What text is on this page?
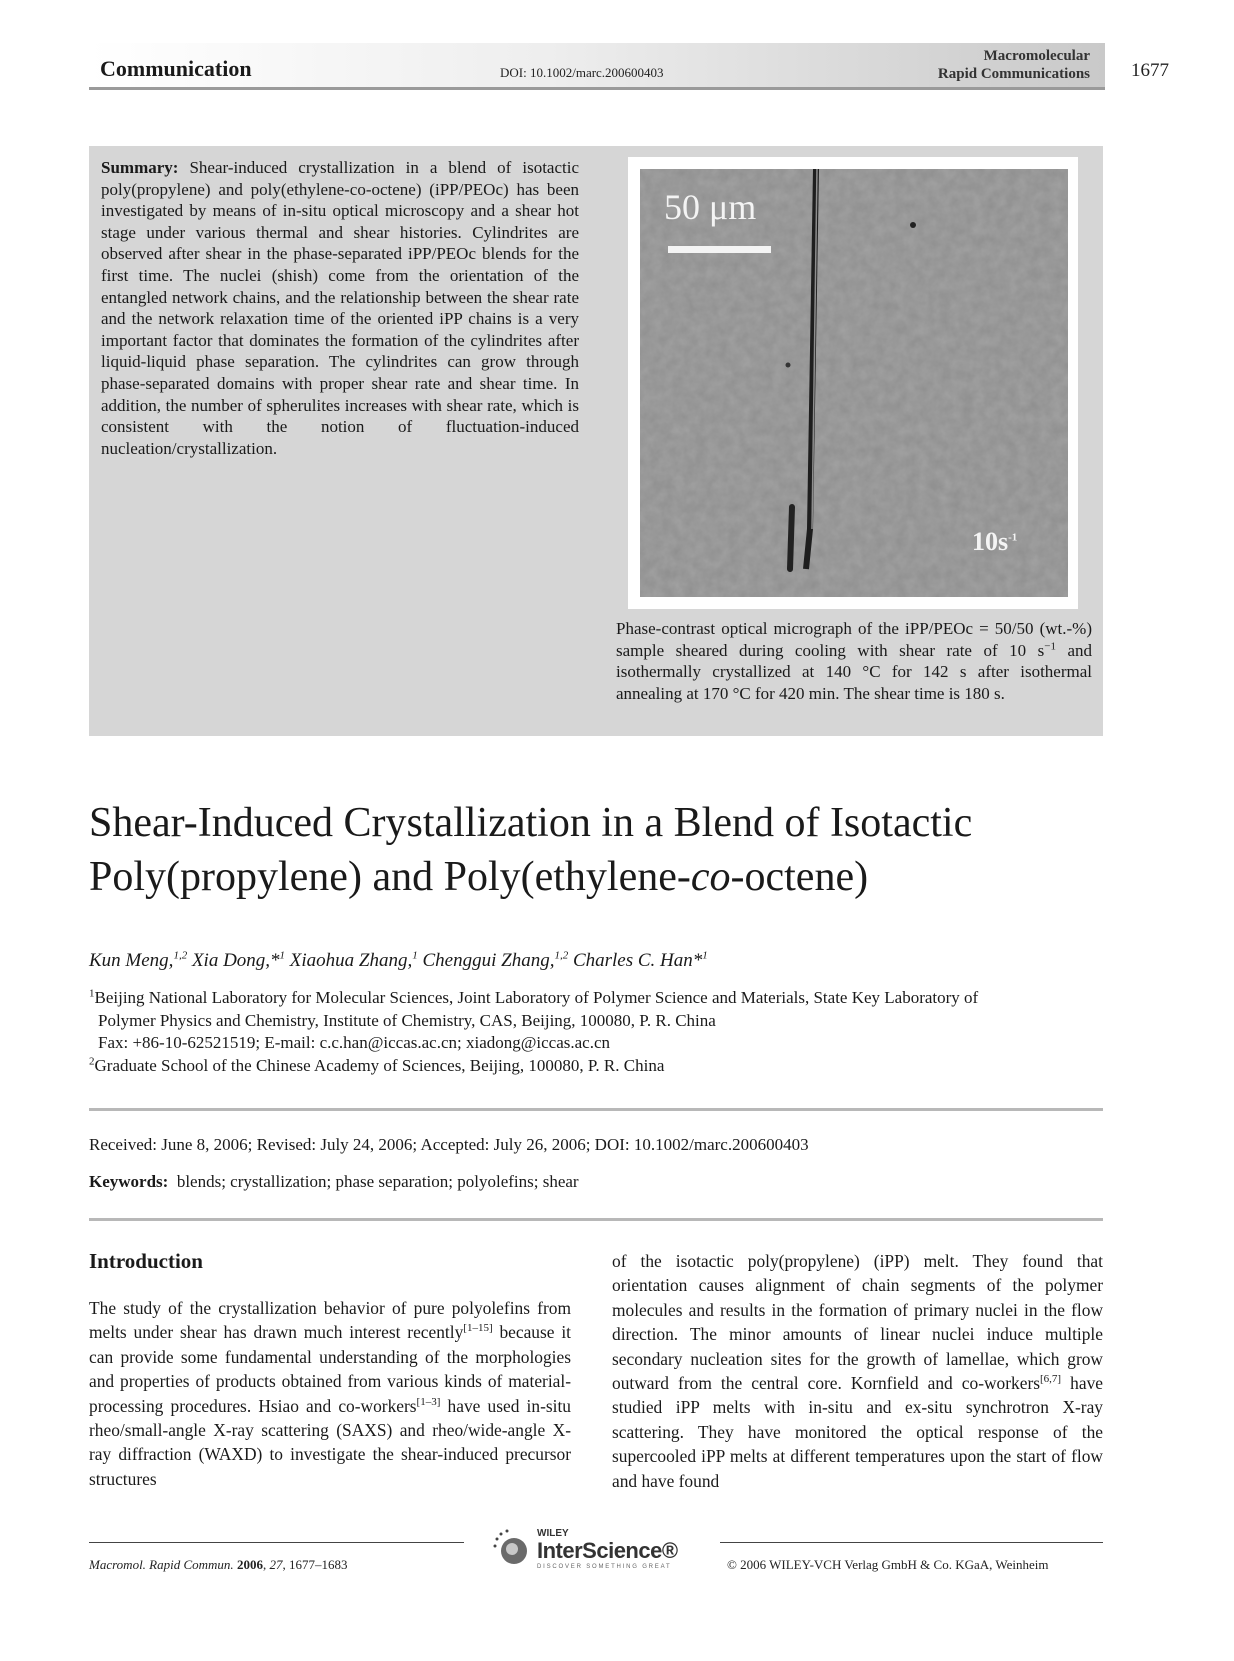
Communication	DOI: 10.1002/marc.200600403
Macromolecular
Rapid Communications 1677
Summary: Shear-induced crystallization in a blend of isotactic poly(propylene) and poly(ethylene-co-octene) (iPP/PEOc) has been investigated by means of in-situ optical microscopy and a shear hot stage under various thermal and shear histories. Cylindrites are observed after shear in the phase-separated iPP/PEOc blends for the first time. The nuclei (shish) come from the orientation of the entangled network chains, and the relationship between the shear rate and the network relaxation time of the oriented iPP chains is a very important factor that dominates the formation of the cylindrites after liquid-liquid phase separation. The cylindrites can grow through phase-separated domains with proper shear rate and shear time. In addition, the number of spherulites increases with shear rate, which is consistent with the notion of fluctuation-induced nucleation/crystallization.
50 μm
$10s^{-1}$
Phase-contrast optical micrograph of the iPP/PEOc = 50/50 (wt.-%) sample sheared during cooling with shear rate of 10 $s^{-1}$ and isothermally crystallized at 140 °C for 142 s after isothermal annealing at 170 °C for 420 min. The shear time is 180 s.
Shear-Induced Crystallization in a Blend of Isotactic
Poly(propylene) and Poly(ethylene-co-octene)
Kun Meng,$^{1,2}$ Xia Dong,*$^1$ Xiaohua Zhang,$^1$ Chenggui Zhang,$^{1,2}$ Charles C. Han*$^1$
$^1$Beijing National Laboratory for Molecular Sciences, Joint Laboratory of Polymer Science and Materials, State Key Laboratory of
Polymer Physics and Chemistry, Institute of Chemistry, CAS, Beijing, 100080, P. R. China
Fax: +86-10-62521519; E-mail: c.c.han@iccas.ac.cn; xiadong@iccas.ac.cn
$^2$Graduate School of the Chinese Academy of Sciences, Beijing, 100080, P. R. China
Received: June 8, 2006; Revised: July 24, 2006; Accepted: July 26, 2006; DOI: 10.1002/marc.200600403
Keywords:  blends; crystallization; phase separation; polyolefins; shear
Introduction
The study of the crystallization behavior of pure polyolefins from melts under shear has drawn much interest recently[1–15] because it can provide some fundamental understanding of the morphologies and properties of products obtained from various kinds of material-processing procedures. Hsiao and co-workers[1–3] have used in-situ rheo/small-angle X-ray scattering (SAXS) and rheo/wide-angle X-ray diffraction (WAXD) to investigate the shear-induced precursor structures
of the isotactic poly(propylene) (iPP) melt. They found that orientation causes alignment of chain segments of the polymer molecules and results in the formation of primary nuclei in the flow direction. The minor amounts of linear nuclei induce multiple secondary nucleation sites for the growth of lamellae, which grow outward from the central core. Kornfield and co-workers[6,7] have studied iPP melts with in-situ and ex-situ synchrotron X-ray scattering. They have monitored the optical response of the supercooled iPP melts at different temperatures upon the start of flow and have found
Macromol. Rapid Commun. 2006, 27, 1677–1683	© 2006 WILEY-VCH Verlag GmbH & Co. KGaA, Weinheim
WILEY
InterScience®
DISCOVER SOMETHING GREAT
